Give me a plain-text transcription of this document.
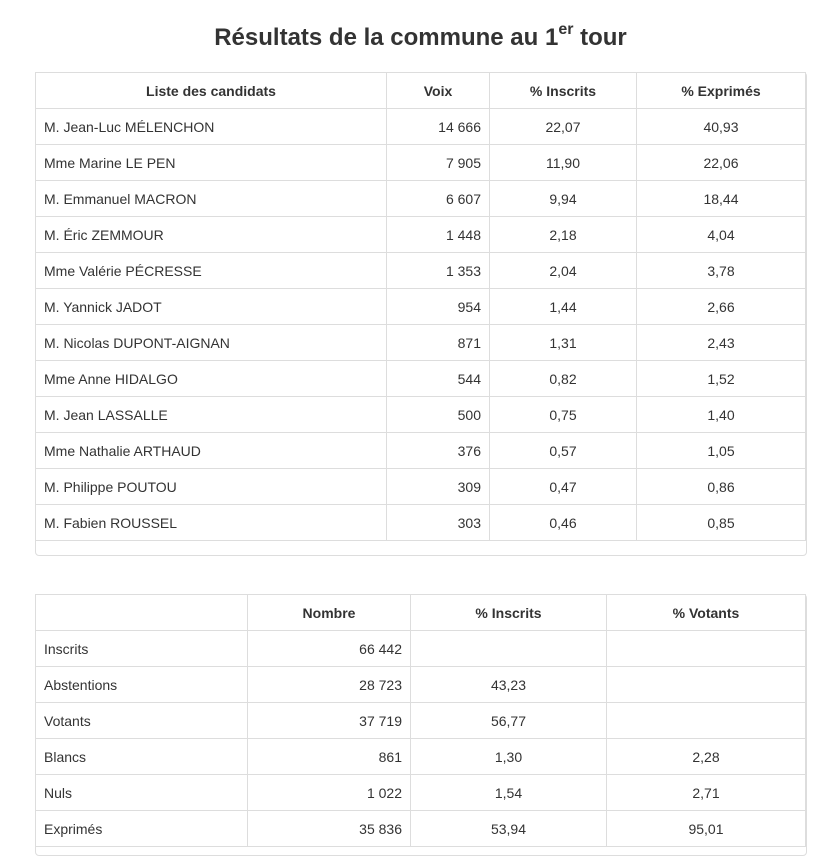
Résultats de la commune au 1er tour
Liste des candidats	Voix	% Inscrits	% Exprimés
M. Jean-Luc MÉLENCHON	14 666	22,07	40,93
Mme Marine LE PEN	7 905	11,90	22,06
M. Emmanuel MACRON	6 607	9,94	18,44
M. Éric ZEMMOUR	1 448	2,18	4,04
Mme Valérie PÉCRESSE	1 353	2,04	3,78
M. Yannick JADOT	954	1,44	2,66
M. Nicolas DUPONT-AIGNAN	871	1,31	2,43
Mme Anne HIDALGO	544	0,82	1,52
M. Jean LASSALLE	500	0,75	1,40
Mme Nathalie ARTHAUD	376	0,57	1,05
M. Philippe POUTOU	309	0,47	0,86
M. Fabien ROUSSEL	303	0,46	0,85
	Nombre	% Inscrits	% Votants
Inscrits	66 442		
Abstentions	28 723	43,23	
Votants	37 719	56,77	
Blancs	861	1,30	2,28
Nuls	1 022	1,54	2,71
Exprimés	35 836	53,94	95,01
